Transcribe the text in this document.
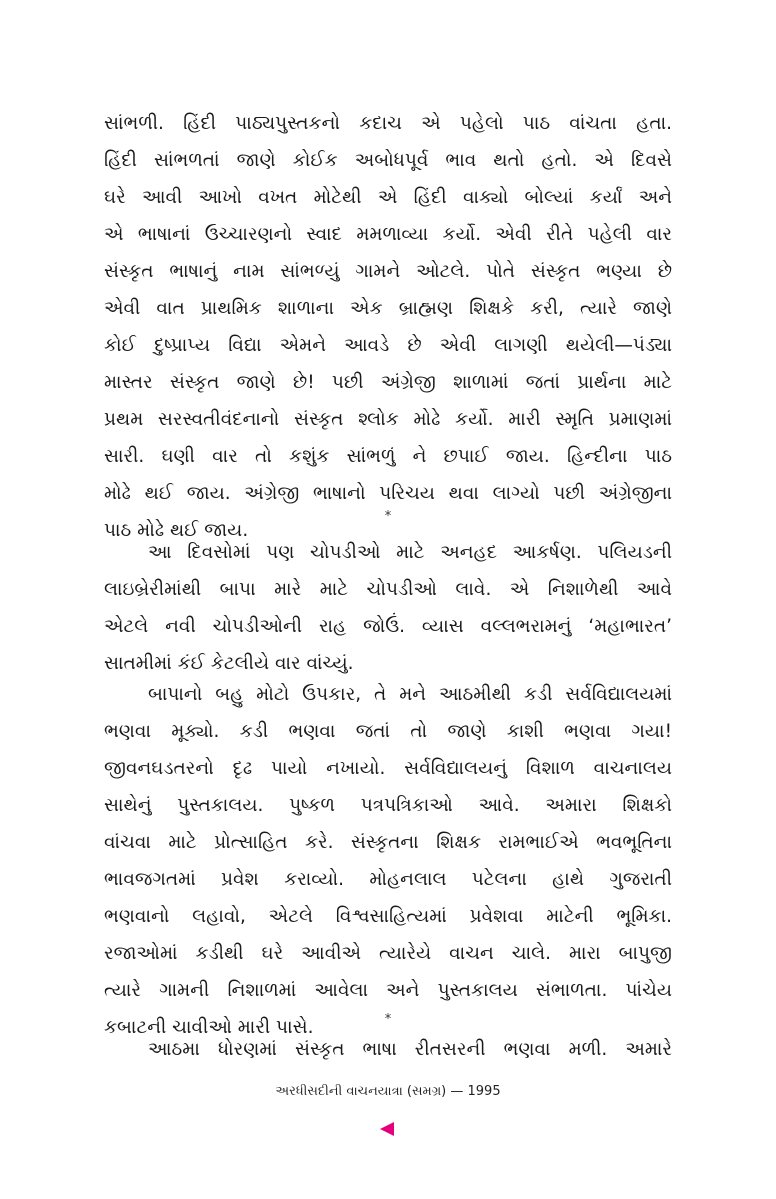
સાંભળી. હિંદી પાઠ્યપુસ્તકનો કદાચ એ પહેલો પાઠ વાંચતા હતા.
હિંદી સાંભળતાં જાણે કોઈક અબોધપૂર્વ ભાવ થતો હતો. એ દિવસે
ઘરે આવી આખો વખત મોટેથી એ હિંદી વાક્યો બોલ્યાં કર્યાં અને
એ ભાષાનાં ઉચ્ચારણનો સ્વાદ મમળાવ્યા કર્યો. એવી રીતે પહેલી વાર
સંસ્કૃત ભાષાનું નામ સાંભળ્યું ગામને ઓટલે. પોતે સંસ્કૃત ભણ્યા છે
એવી વાત પ્રાથમિક શાળાના એક બ્રાહ્મણ શિક્ષકે કરી, ત્યારે જાણે
કોઈ દુષ્પ્રાપ્ય વિદ્યા એમને આવડે છે એવી લાગણી થયેલી—પંડ્યા
માસ્તર સંસ્કૃત જાણે છે! પછી અંગ્રેજી શાળામાં જતાં પ્રાર્થના માટે
પ્રથમ સરસ્વતીવંદનાનો સંસ્કૃત શ્લોક મોઢે કર્યો. મારી સ્મૃતિ પ્રમાણમાં
સારી. ઘણી વાર તો કશુંક સાંભળું ને છપાઈ જાય. હિન્દીના પાઠ
મોઢે થઈ જાય. અંગ્રેજી ભાષાનો પરિચય થવા લાગ્યો પછી અંગ્રેજીના
પાઠ મોઢે થઈ જાય.
*
આ દિવસોમાં પણ ચોપડીઓ માટે અનહદ આકર્ષણ. પલિયડની
લાઇબ્રેરીમાંથી બાપા મારે માટે ચોપડીઓ લાવે. એ નિશાળેથી આવે
એટલે નવી ચોપડીઓની રાહ જોઉં. વ્યાસ વલ્લભરામનું ‘મહાભારત’
સાતમીમાં કંઈ કેટલીયે વાર વાંચ્યું.
બાપાનો બહુ મોટો ઉપકાર, તે મને આઠમીથી કડી સર્વવિદ્યાલયમાં
ભણવા મૂક્યો. કડી ભણવા જતાં તો જાણે કાશી ભણવા ગયા!
જીવનઘડતરનો દૃઢ પાયો નખાયો. સર્વવિદ્યાલયનું વિશાળ વાચનાલય
સાથેનું પુસ્તકાલય. પુષ્કળ પત્રપત્રિકાઓ આવે. અમારા શિક્ષકો
વાંચવા માટે પ્રોત્સાહિત કરે. સંસ્કૃતના શિક્ષક રામભાઈએ ભવભૂતિના
ભાવજગતમાં પ્રવેશ કરાવ્યો. મોહનલાલ પટેલના હાથે ગુજરાતી
ભણવાનો લહાવો, એટલે વિશ્વસાહિત્યમાં પ્રવેશવા માટેની ભૂમિકા.
રજાઓમાં કડીથી ઘરે આવીએ ત્યારેયે વાચન ચાલે. મારા બાપુજી
ત્યારે ગામની નિશાળમાં આવેલા અને પુસ્તકાલય સંભાળતા. પાંચેય
કબાટની ચાવીઓ મારી પાસે.	*
આઠમા ધોરણમાં સંસ્કૃત ભાષા રીતસરની ભણવા મળી. અમારે
અરધીસદીની વાચનયાત્રા (સમગ્ર) — 1995
